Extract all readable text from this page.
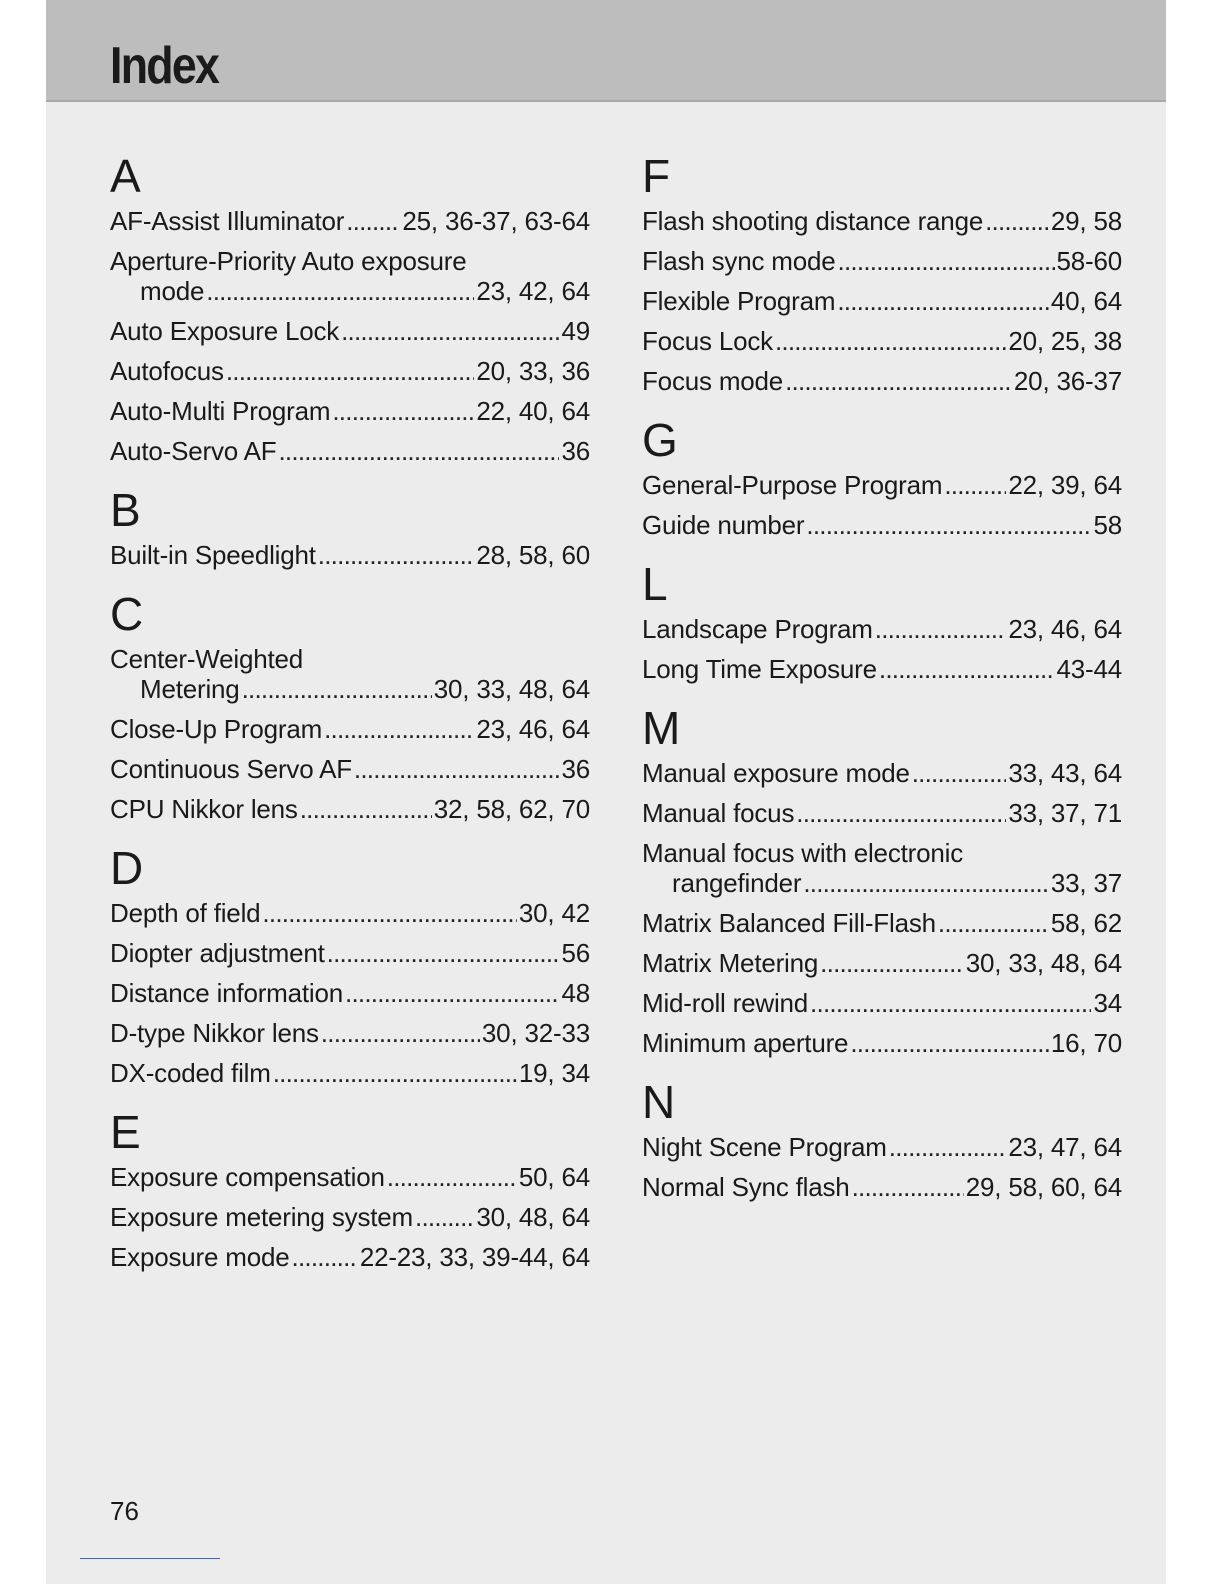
Index
A
AF-Assist Illuminator . . . 25, 36-37, 63-64
Aperture-Priority Auto exposure
mode . . .	23, 42, 64
Auto Exposure Lock . . .	49
Autofocus . . .	20, 33, 36
Auto-Multi Program . . .	22, 40, 64
Auto-Servo AF . . .	36
B
Built-in Speedlight . . .	28, 58, 60
C
Center-Weighted
Metering . . .	30, 33, 48, 64
Close-Up Program . . .	23, 46, 64
Continuous Servo AF . . .	36
CPU Nikkor lens . . .	32, 58, 62, 70
D
Depth of field . . .	30, 42
Diopter adjustment . . .	56
Distance information . . .	48
D-type Nikkor lens . . .	30, 32-33
DX-coded film . . .	19, 34
E
Exposure compensation . . .	50, 64
Exposure metering system . . . 30, 48, 64
Exposure mode . . .	22-23, 33, 39-44, 64
F
Flash shooting distance range . . .	29, 58
Flash sync mode . . .	58-60
Flexible Program . . .	40, 64
Focus Lock . . .	20, 25, 38
Focus mode . . .	20, 36-37
G
General-Purpose Program . . .	22, 39, 64
Guide number . . .	58
L
Landscape Program . . .	23, 46, 64
Long Time Exposure . . .	43-44
M
Manual exposure mode . . .	33, 43, 64
Manual focus . . .	33, 37, 71
Manual focus with electronic
rangefinder . . .	33, 37
Matrix Balanced Fill-Flash . . .	58, 62
Matrix Metering . . .	30, 33, 48, 64
Mid-roll rewind . . .	34
Minimum aperture . . .	16, 70
N
Night Scene Program . . .	23, 47, 64
Normal Sync flash . . .	29, 58, 60, 64
76
